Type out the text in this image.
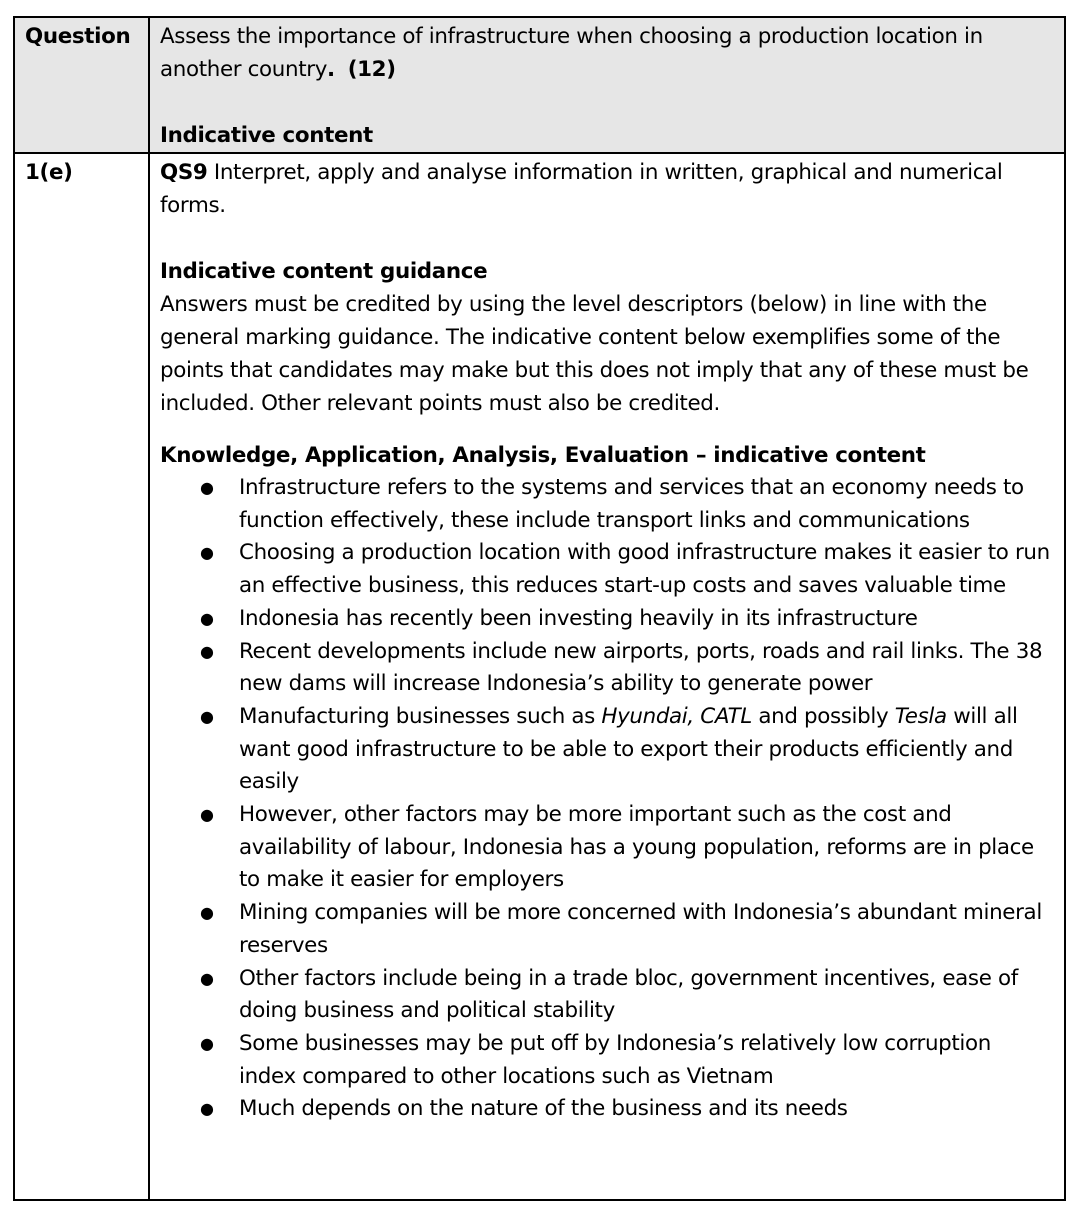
Question	Assess the importance of infrastructure when choosing a production location in another country. (12)
Indicative content

1(e)	QS9 Interpret, apply and analyse information in written, graphical and numerical forms.
Indicative content guidance
Answers must be credited by using the level descriptors (below) in line with the general marking guidance. The indicative content below exemplifies some of the points that candidates may make but this does not imply that any of these must be included. Other relevant points must also be credited.
Knowledge, Application, Analysis, Evaluation – indicative content
● Infrastructure refers to the systems and services that an economy needs to function effectively, these include transport links and communications
● Choosing a production location with good infrastructure makes it easier to run an effective business, this reduces start-up costs and saves valuable time
● Indonesia has recently been investing heavily in its infrastructure
● Recent developments include new airports, ports, roads and rail links. The 38 new dams will increase Indonesia’s ability to generate power
● Manufacturing businesses such as Hyundai, CATL and possibly Tesla will all want good infrastructure to be able to export their products efficiently and easily
● However, other factors may be more important such as the cost and availability of labour, Indonesia has a young population, reforms are in place to make it easier for employers
● Mining companies will be more concerned with Indonesia’s abundant mineral reserves
● Other factors include being in a trade bloc, government incentives, ease of doing business and political stability
● Some businesses may be put off by Indonesia’s relatively low corruption index compared to other locations such as Vietnam
● Much depends on the nature of the business and its needs
